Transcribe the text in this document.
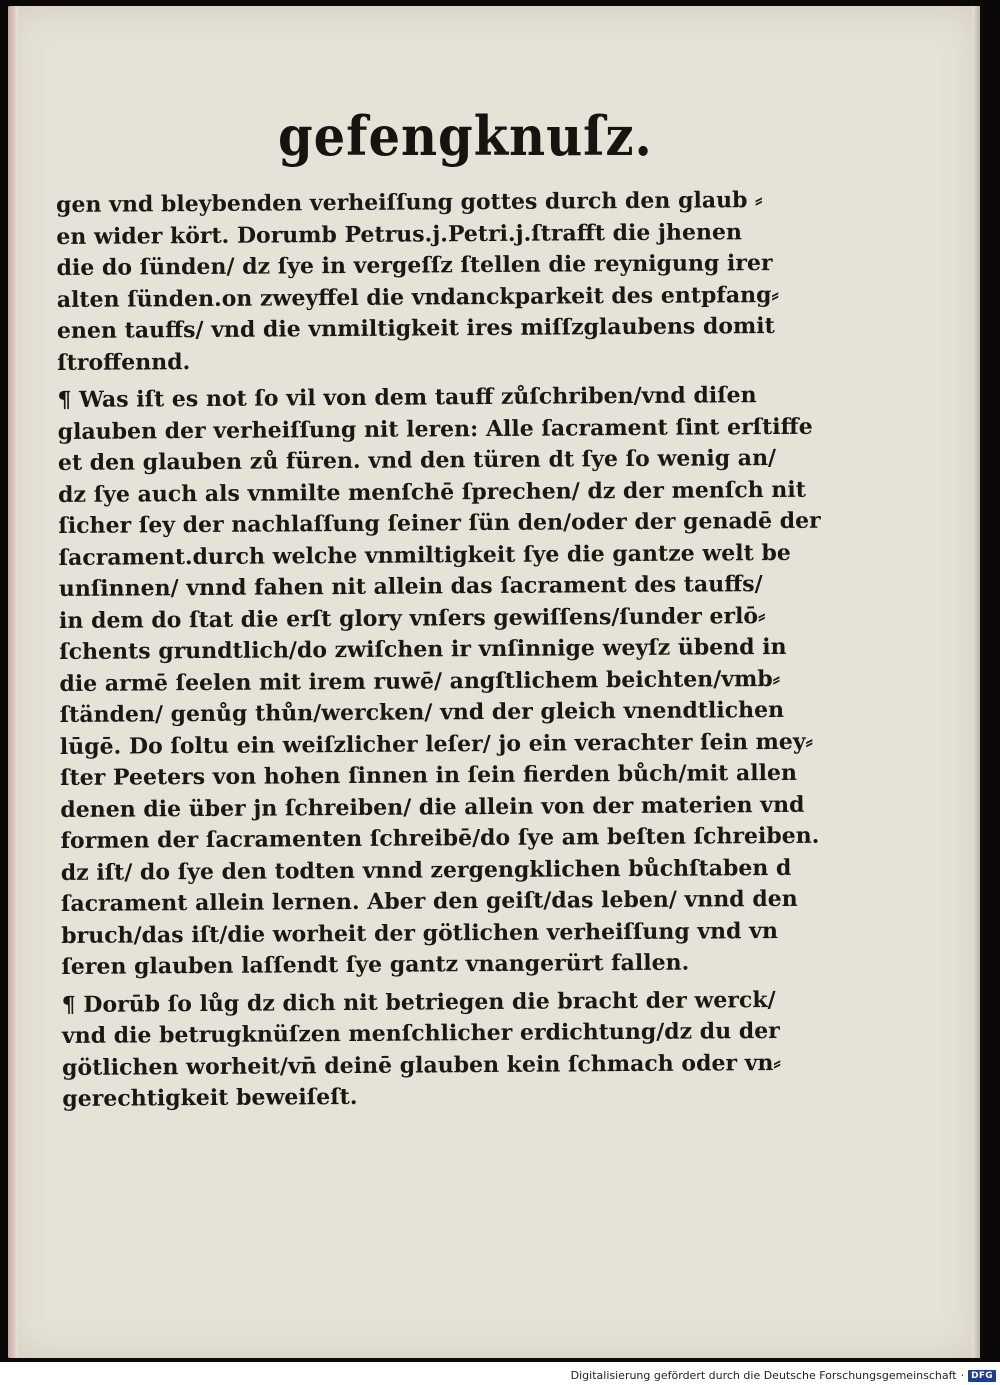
gefengknuſz.
gen vnd bleybenden verheiſſung gottes durch den glaub ⸗
en wider kört. Dorumb Petrus.j.Petri.j.ſtrafft die jhenen
die do ſünden/ dz ſye in vergeſſz ſtellen die reynigung irer
alten ſünden.on zweyffel die vndanckparkeit des entpfang⸗
enen tauffs/ vnd die vnmiltigkeit ires miſſzglaubens domit
ſtroffennd.
¶ Was iſt es not ſo vil von dem tauff zůſchriben/vnd diſen
glauben der verheiſſung nit leren: Alle ſacrament ſint erſtiffe
et den glauben zů füren. vnd den türen dt ſye ſo wenig an/
dz ſye auch als vnmilte menſchē ſprechen/ dz der menſch nit
ſicher ſey der nachlaſſung ſeiner ſün den/oder der genadē der
ſacrament.durch welche vnmiltigkeit ſye die gantze welt be
unſinnen/ vnnd fahen nit allein das ſacrament des tauffs/
in dem do ſtat die erſt glory vnſers gewiſſens/ſunder erlō⸗
ſchents grundtlich/do zwiſchen ir vnſinnige weyſz übend in
die armē ſeelen mit irem ruwē/ angſtlichem beichten/vmb⸗
ſtänden/ genůg thůn/wercken/ vnd der gleich vnendtlichen
lūgē. Do ſoltu ein weiſzlicher leſer/ jo ein verachter ſein mey⸗
ſter Peeters von hohen ſinnen in ſein fierden bůch/mit allen
denen die über jn ſchreiben/ die allein von der materien vnd
formen der ſacramenten ſchreibē/do ſye am beſten ſchreiben.
dz iſt/ do ſye den todten vnnd zergengklichen bůchſtaben d
ſacrament allein lernen. Aber den geiſt/das leben/ vnnd den
bruch/das iſt/die worheit der götlichen verheiſſung vnd vn
ſeren glauben laſſendt ſye gantz vnangerürt fallen.
¶ Dorūb ſo lůg dz dich nit betriegen die bracht der werck/
vnd die betrugknüſzen menſchlicher erdichtung/dz du der
götlichen worheit/vn̄ deinē glauben kein ſchmach oder vn⸗
gerechtigkeit beweiſeſt.
Digitalisierung gefördert durch die Deutsche Forschungsgemeinschaft · DFG
